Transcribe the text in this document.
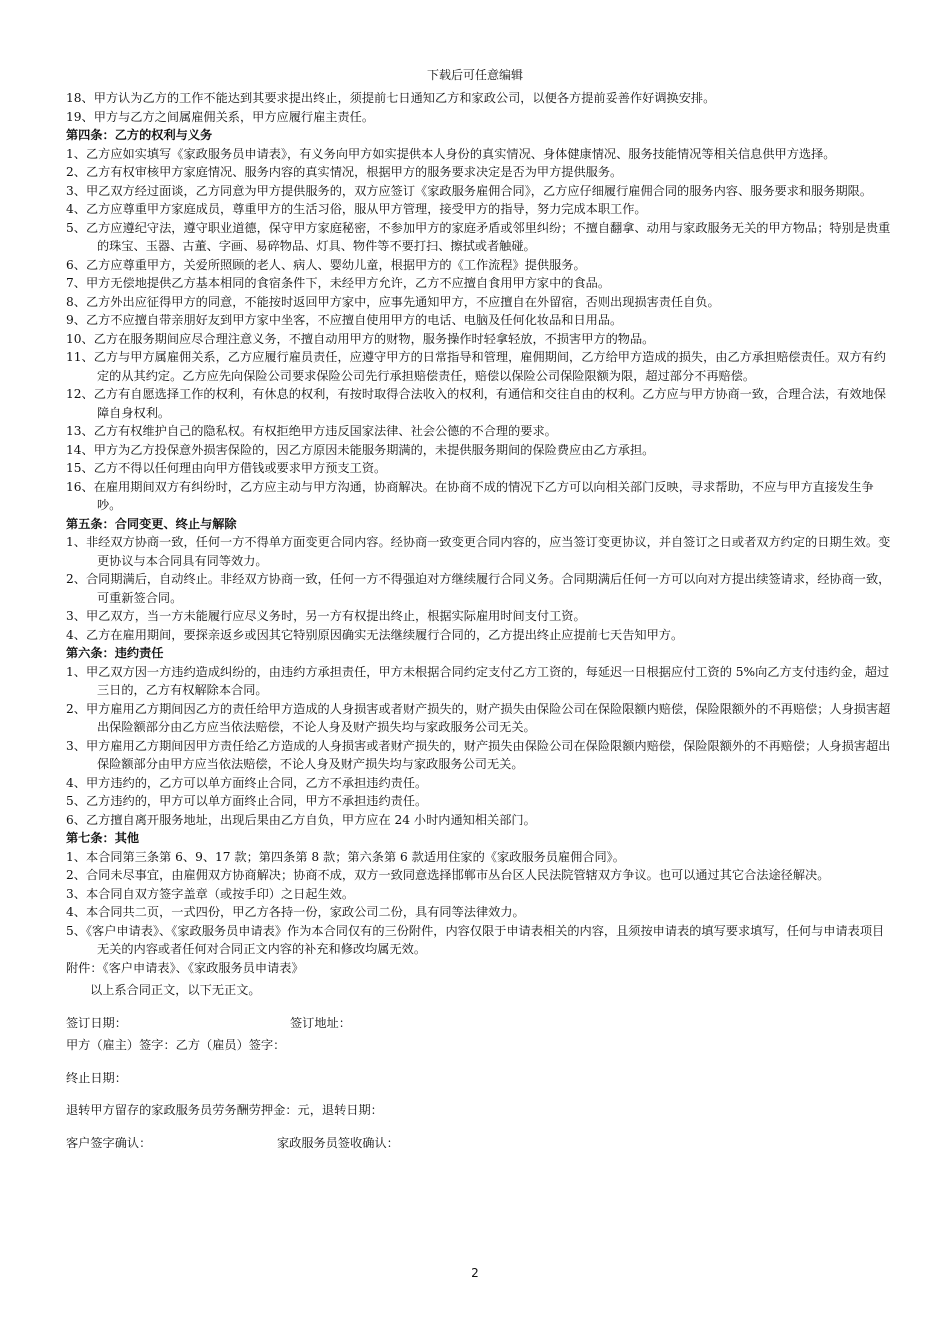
下载后可任意编辑

18、甲方认为乙方的工作不能达到其要求提出终止，须提前七日通知乙方和家政公司，以便各方提前妥善作好调换安排。

19、甲方与乙方之间属雇佣关系，甲方应履行雇主责任。

第四条：乙方的权利与义务

1、乙方应如实填写《家政服务员申请表》，有义务向甲方如实提供本人身份的真实情况、身体健康情况、服务技能情况等相关信息供甲方选择。

2、乙方有权审核甲方家庭情况、服务内容的真实情况，根据甲方的服务要求决定是否为甲方提供服务。

3、甲乙双方经过面谈，乙方同意为甲方提供服务的，双方应签订《家政服务雇佣合同》，乙方应仔细履行雇佣合同的服务内容、服务要求和服务期限。

4、乙方应尊重甲方家庭成员，尊重甲方的生活习俗，服从甲方管理，接受甲方的指导，努力完成本职工作。

5、乙方应遵纪守法，遵守职业道德，保守甲方家庭秘密，不参加甲方的家庭矛盾或邻里纠纷；不擅自翻拿、动用与家政服务无关的甲方物品；特别是贵重的珠宝、玉器、古董、字画、易碎物品、灯具、物件等不要打扫、擦拭或者触碰。

6、乙方应尊重甲方，关爱所照顾的老人、病人、婴幼儿童，根据甲方的《工作流程》提供服务。

7、甲方无偿地提供乙方基本相同的食宿条件下，未经甲方允许，乙方不应擅自食用甲方家中的食品。

8、乙方外出应征得甲方的同意，不能按时返回甲方家中，应事先通知甲方，不应擅自在外留宿，否则出现损害责任自负。

9、乙方不应擅自带亲朋好友到甲方家中坐客，不应擅自使用甲方的电话、电脑及任何化妆品和日用品。

10、乙方在服务期间应尽合理注意义务，不擅自动用甲方的财物，服务操作时轻拿轻放，不损害甲方的物品。

11、乙方与甲方属雇佣关系，乙方应履行雇员责任，应遵守甲方的日常指导和管理，雇佣期间，乙方给甲方造成的损失，由乙方承担赔偿责任。双方有约定的从其约定。乙方应先向保险公司要求保险公司先行承担赔偿责任，赔偿以保险公司保险限额为限，超过部分不再赔偿。

12、乙方有自愿选择工作的权利，有休息的权利，有按时取得合法收入的权利，有通信和交往自由的权利。乙方应与甲方协商一致，合理合法，有效地保障自身权利。

13、乙方有权维护自己的隐私权。有权拒绝甲方违反国家法律、社会公德的不合理的要求。

14、甲方为乙方投保意外损害保险的，因乙方原因未能服务期满的，未提供服务期间的保险费应由乙方承担。

15、乙方不得以任何理由向甲方借钱或要求甲方预支工资。

16、在雇用期间双方有纠纷时，乙方应主动与甲方沟通，协商解决。在协商不成的情况下乙方可以向相关部门反映，寻求帮助，不应与甲方直接发生争吵。

第五条：合同变更、终止与解除

1、非经双方协商一致，任何一方不得单方面变更合同内容。经协商一致变更合同内容的，应当签订变更协议，并自签订之日或者双方约定的日期生效。变更协议与本合同具有同等效力。

2、合同期满后，自动终止。非经双方协商一致，任何一方不得强迫对方继续履行合同义务。合同期满后任何一方可以向对方提出续签请求，经协商一致，可重新签合同。

3、甲乙双方，当一方未能履行应尽义务时，另一方有权提出终止，根据实际雇用时间支付工资。

4、乙方在雇用期间，要探亲返乡或因其它特别原因确实无法继续履行合同的，乙方提出终止应提前七天告知甲方。

第六条：违约责任

1、甲乙双方因一方违约造成纠纷的，由违约方承担责任，甲方未根据合同约定支付乙方工资的，每延迟一日根据应付工资的 5%向乙方支付违约金，超过三日的，乙方有权解除本合同。

2、甲方雇用乙方期间因乙方的责任给甲方造成的人身损害或者财产损失的，财产损失由保险公司在保险限额内赔偿，保险限额外的不再赔偿；人身损害超出保险额部分由乙方应当依法赔偿，不论人身及财产损失均与家政服务公司无关。

3、甲方雇用乙方期间因甲方责任给乙方造成的人身损害或者财产损失的，财产损失由保险公司在保险限额内赔偿，保险限额外的不再赔偿；人身损害超出保险额部分由甲方应当依法赔偿，不论人身及财产损失均与家政服务公司无关。

4、甲方违约的，乙方可以单方面终止合同，乙方不承担违约责任。

5、乙方违约的，甲方可以单方面终止合同，甲方不承担违约责任。

6、乙方擅自离开服务地址，出现后果由乙方自负，甲方应在 24 小时内通知相关部门。

第七条：其他

1、本合同第三条第 6、9、17 款；第四条第 8 款；第六条第 6 款适用住家的《家政服务员雇佣合同》。

2、合同未尽事宜，由雇佣双方协商解决；协商不成，双方一致同意选择邯郸市丛台区人民法院管辖双方争议。也可以通过其它合法途径解决。

3、本合同自双方签字盖章（或按手印）之日起生效。

4、本合同共二页，一式四份，甲乙方各持一份，家政公司二份，具有同等法律效力。

5、《客户申请表》、《家政服务员申请表》作为本合同仅有的三份附件，内容仅限于申请表相关的内容，且须按申请表的填写要求填写，任何与申请表项目无关的内容或者任何对合同正文内容的补充和修改均属无效。

附件：《客户申请表》、《家政服务员申请表》

以上系合同正文，以下无正文。

签订日期：	签订地址：

甲方（雇主）签字：乙方（雇员）签字：

终止日期：

退转甲方留存的家政服务员劳务酬劳押金：元，退转日期：

客户签字确认：	家政服务员签收确认：
2
